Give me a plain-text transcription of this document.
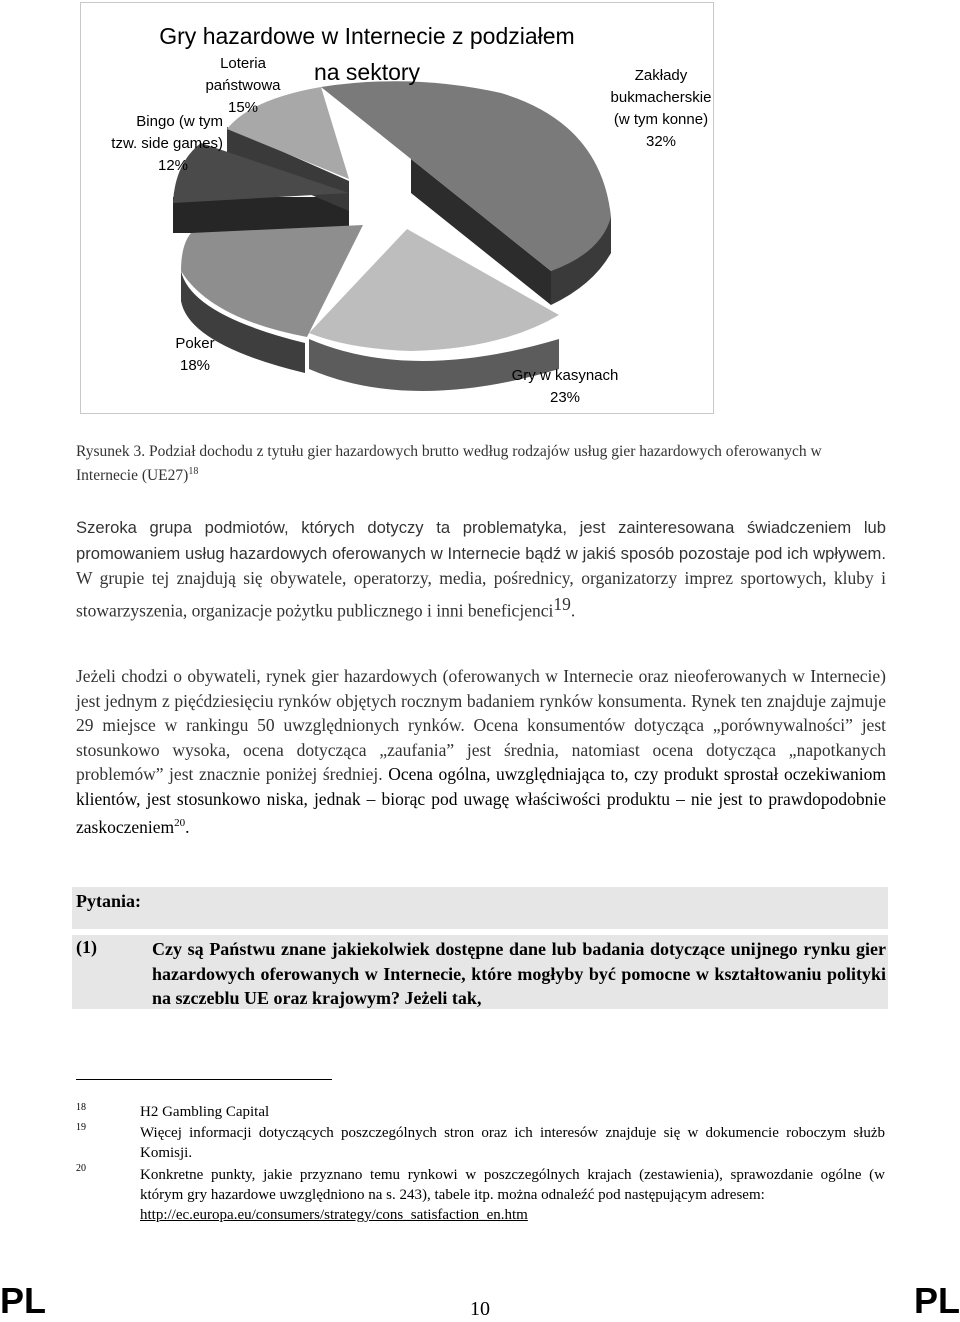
Gry hazardowe w Internecie z podziałem
na sektory	Zakłady
bukmacherskie
(w tym konne)
32%
Gry w kasynach
23%
Poker
18%
Bingo (w tym
tzw. side games)
12%
Loteria
państwowa
15%
Rysunek 3. Podział dochodu z tytułu gier hazardowych brutto według rodzajów usług gier hazardowych oferowanych w Internecie $(UE27)^{18}$
Szeroka grupa podmiotów, których dotyczy ta problematyka, jest zainteresowana świadczeniem lub promowaniem usług hazardowych oferowanych w Internecie bądź w jakiś sposób pozostaje pod ich wpływem. W grupie tej znajdują się obywatele, operatorzy, media, pośrednicy, organizatorzy imprez sportowych, kluby i stowarzyszenia, organizacje pożytku publicznego i inni beneficjenci$^{19}$.
Jeżeli chodzi o obywateli, rynek gier hazardowych (oferowanych w Internecie oraz nieoferowanych w Internecie) jest jednym z pięćdziesięciu rynków objętych rocznym badaniem rynków konsumenta. Rynek ten znajduje zajmuje 29 miejsce w rankingu 50 uwzględnionych rynków. Ocena konsumentów dotycząca „porównywalności” jest stosunkowo wysoka, ocena dotycząca „zaufania” jest średnia, natomiast ocena dotycząca „napotkanych problemów” jest znacznie poniżej średniej. Ocena ogólna, uwzględniająca to, czy produkt sprostał oczekiwaniom klientów, jest stosunkowo niska, jednak – biorąc pod uwagę właściwości produktu – nie jest to prawdopodobnie zaskoczeniem$^{20}$.
Pytania:
(1)	Czy są Państwu znane jakiekolwiek dostępne dane lub badania dotyczące unijnego rynku gier hazardowych oferowanych w Internecie, które mogłyby być pomocne w kształtowaniu polityki na szczeblu UE oraz krajowym? Jeżeli tak,
18	H2 Gambling Capital
19	Więcej informacji dotyczących poszczególnych stron oraz ich interesów znajduje się w dokumencie roboczym służb Komisji.
20	Konkretne punkty, jakie przyznano temu rynkowi w poszczególnych krajach (zestawienia), sprawozdanie ogólne (w którym gry hazardowe uwzględniono na s. 243), tabele itp. można odnaleźć pod następującym adresem:
http://ec.europa.eu/consumers/strategy/cons_satisfaction_en.htm
PL	10	PL
